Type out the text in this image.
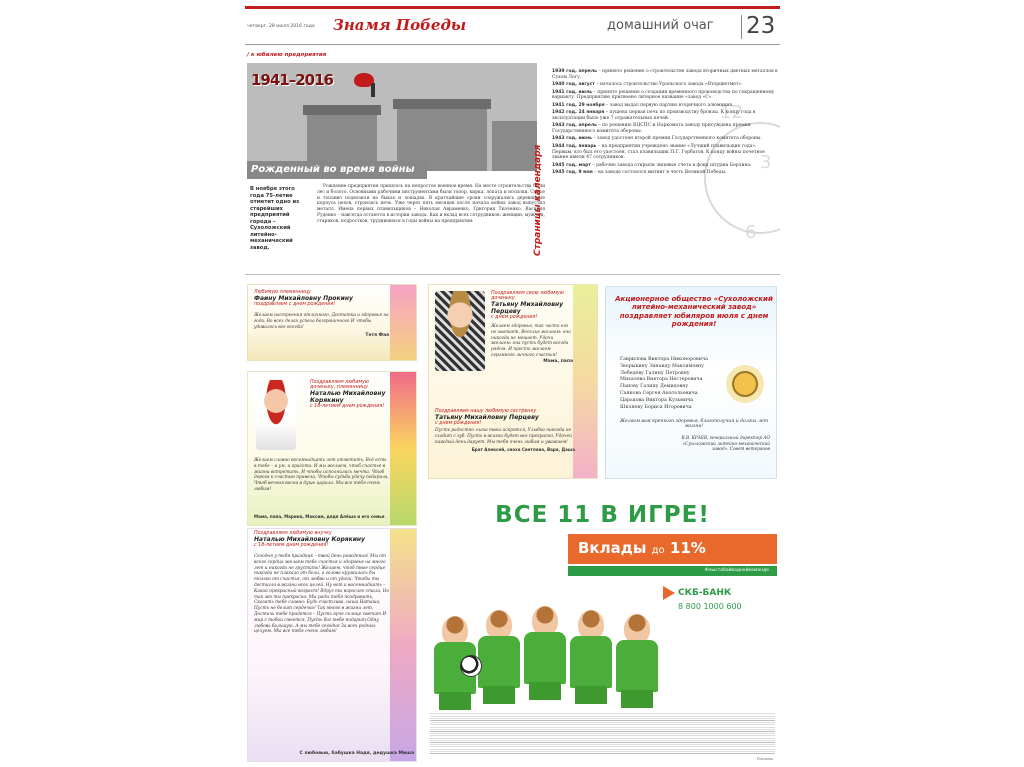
четверг, 28 июля 2016 года Знамя Победы	домашний очаг 23
/ к юбилею предприятия
1941–2016
Рожденный во время войны
В ноябре этого года 75-летие отметит одно из старейших предприятий города – Сухоложский литейно-механический завод.
Рождение предприятия пришлось на непростое военное время. На месте строительства были лес и болото. Основными рабочими инструментами были топор, кирка, лопата и носилки. Сырье и топливо подвозили на быках и лошадях. В кратчайшие сроки сооружались деревянные корпуса цехов, строилась печь. Уже через пять месяцев после начала войны завод выпустил металл. Имена первых плавильщиков – Николая Авраменко, Григория Ткаченко, Василия Руденко – навсегда остаются в истории завода. Как и вклад всех сотрудников: женщин, мужчин, стариков, подростков, трудившихся в годы войны на предприятии.	Страницы календаря
12
3
6
1939 год, апрель – принято решение о строительстве завода вторичных цветных металлов в Сухом Логу.
1940 год, август – началось строительство Уральского завода «Вторцветмет».
1941 год, июль – принято решение о создании временного производства по сокращенному варианту. Предприятию присвоено литерное название «завод «С».
1941 год, 29 ноября – завод выдал первую партию вторичного алюминия.
1942 год, 24 января – пущена первая печь по производству бронзы. К концу года в эксплуатации было уже 7 отражательных печей.
1943 год, апрель – по решению ВЦСПС и Наркомата заводу присуждена премия Государственного комитета обороны.
1943 год, июнь – завод удостоен второй премии Государственного комитета обороны.
1944 год, январь – на предприятии учреждено звание «Лучший плавильщик года». Первым, кто был его удостоен, стал плавильщик П.Г. Горбатов. К концу войны почетное звание имели 47 сотрудников.
1945 год, март – рабочие завода открыли лицевые счета в фонд штурма Берлина.
1945 год, 9 мая – на заводе состоялся митинг в честь Великой Победы.
Любимую племянницу
Фаину Михайловну Прокину
поздравляем с днем рождения!
Желаем настроения отличного, Достатка и здоровья на года, Во всех делах успеха безграничного И чтобы удавалось все всегда!
Тетя Фая
Поздравляем любимую доченьку, племянницу
Наталью Михайловну Корякину
с 18-летием днем рождения!
Желаем славно восемнадцать лет отметить, Всё есть в тебе – и ум, и красота. И мы желаем, чтоб счастье в жизни встретить, И чтобы исполнилась мечта. Чтоб дорога к счастью привела, Чтобы судьба удачу подарила, Чтоб вечная весна в душе царила. Мы все тебя очень любим!
Мама, папа, Марина, Максим, дядя Алёша и его семья
Поздравляем любимую внучку
Наталью Михайловну Корякину
с 18-летием днем рождения!
Сегодня у тебя праздник – твой день рождения! Мы от всего сердца желаем тебе счастья и здоровья на много лет и никогда не грустить! Желаем, чтоб твое сердце никогда не плакало от боли, а голова кружилась бы только от счастья, от любви и от удачи. Чтобы ты достигла в жизни всех целей. Ну вот и восемнадцать – Какой прекрасный возраст! Вдруг ты взрослее стала, Но так же ты прекрасна. Мы рады тебя поздравить, Сказать тебе славно: Будь счастлива, наша Наташа, Пусть не болит сердечко! Так много в жизни лет, Достичь тебе придется – Пусть ярче солнце светит И мир с тобой смеется. Пусть бог тебе подарит Одну любовь большую. А мы тебе сегодня За всех родных целуем. Мы все тебя очень любим!
С любовью, бабушка Надя, дедушка Миша
Поздравляем свою любимую доченьку
Татьяну Михайловну Перцеву
с днем рождения!
Желаем здоровья, так часто его не хватает. Веселья желаем: оно никогда не мешает. Удачи желаем: она пусть будет всегда рядом. И просто желаем огромного личного счастья!
Мама, папа
Поздравляем нашу любимую сестренку
Татьяну Михайловну Перцеву
с днем рождения!
Пусть радостно глаза твои искрятся, Улыбка никогда не сходит с губ. Пусть в жизни будет все прекрасно, Удачей каждый день дарует. Мы тебя очень любим и уважаем!
Брат Алексей, сноха Светлана, Варя, Даша
Акционерное общество «Сухоложский литейно-механический завод» поздравляет юбиляров июля с днем рождения!
Гаврилова Виктора Никоноровича
Зворыкину Зинаиду Максимовну
Лебедеву Галину Петровну
Михалева Виктора Нестеровича
Панову Галину Демидовну
Саякова Сергея Анатольевича
Царькова Виктора Кузьмича
Шкляеву Бориса Игоревича
Желаем вам крепкого здоровья, благополучия и долгих лет жизни!
В.В. КРАЕВ, генеральный директор АО «Сухоложский литейно-механический завод». Совет ветеранов
ВСЕ 11 В ИГРЕ!
Вклады до 11%
#мыстобойводнойкоманде
СКБ-БАНК
8 800 1000 600
Реклама
